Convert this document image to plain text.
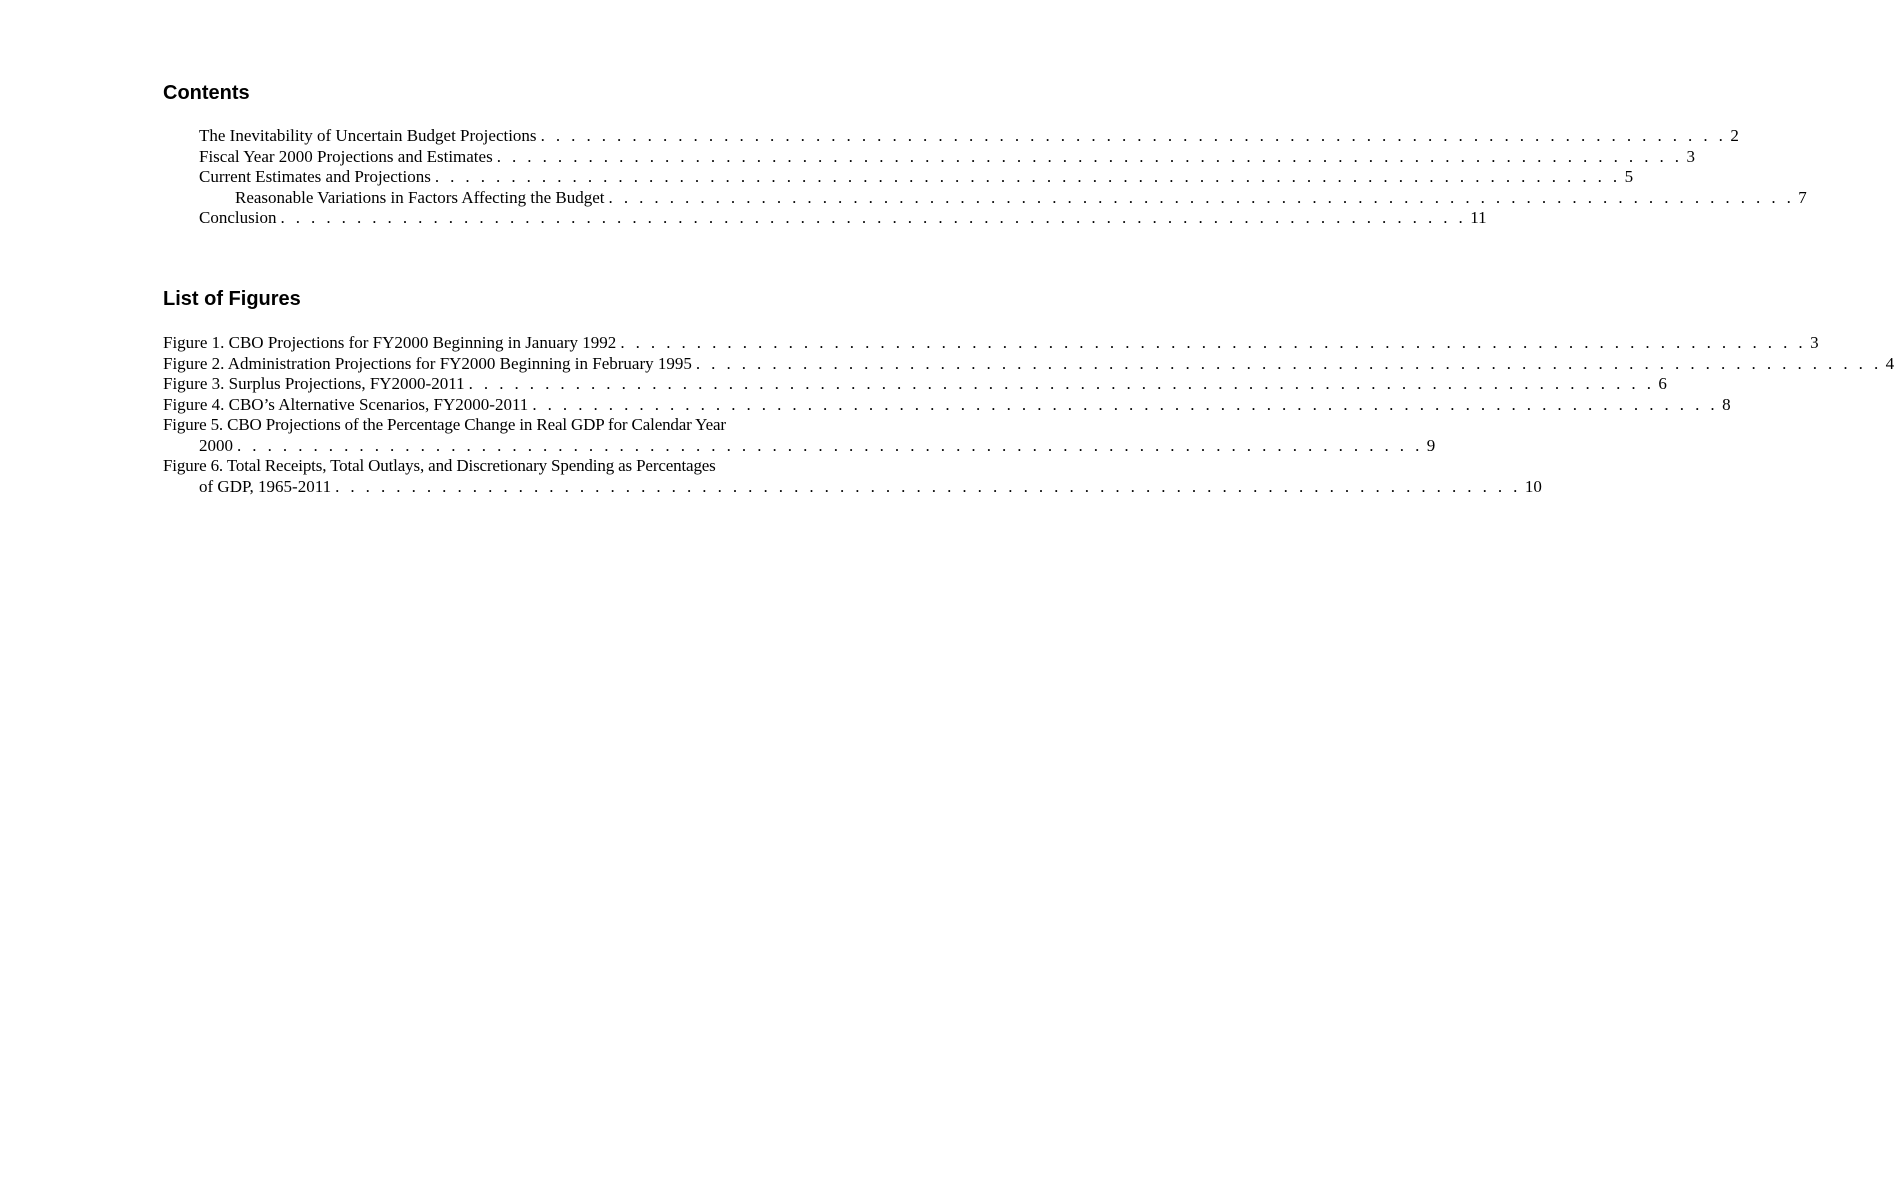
Contents
The Inevitability of Uncertain Budget Projections . . . . . . . . . . . . . . . . . . . . . . . . . . . . . . . . . . . . . . . . . . . . . . . . . . . . . . . . . . . . . . . . . . . . . . . . . . . . . . 2
Fiscal Year 2000 Projections and Estimates . . . . . . . . . . . . . . . . . . . . . . . . . . . . . . . . . . . . . . . . . . . . . . . . . . . . . . . . . . . . . . . . . . . . . . . . . . . . . . 3
Current Estimates and Projections . . . . . . . . . . . . . . . . . . . . . . . . . . . . . . . . . . . . . . . . . . . . . . . . . . . . . . . . . . . . . . . . . . . . . . . . . . . . . . 5
Reasonable Variations in Factors Affecting the Budget . . . . . . . . . . . . . . . . . . . . . . . . . . . . . . . . . . . . . . . . . . . . . . . . . . . . . . . . . . . . . . . . . . . . . . . . . . . . . . 7
Conclusion . . . . . . . . . . . . . . . . . . . . . . . . . . . . . . . . . . . . . . . . . . . . . . . . . . . . . . . . . . . . . . . . . . . . . . . . . . . . . . 11
List of Figures
Figure 1. CBO Projections for FY2000 Beginning in January 1992 . . . . . . . . . . . . . . . . . . . . . . . . . . . . . . . . . . . . . . . . . . . . . . . . . . . . . . . . . . . . . . . . . . . . . . . . . . . . . . 3
Figure 2. Administration Projections for FY2000 Beginning in February 1995 . . . . . . . . . . . . . . . . . . . . . . . . . . . . . . . . . . . . . . . . . . . . . . . . . . . . . . . . . . . . . . . . . . . . . . . . . . . . . . 4
Figure 3. Surplus Projections, FY2000-2011 . . . . . . . . . . . . . . . . . . . . . . . . . . . . . . . . . . . . . . . . . . . . . . . . . . . . . . . . . . . . . . . . . . . . . . . . . . . . . . 6
Figure 4. CBO’s Alternative Scenarios, FY2000-2011 . . . . . . . . . . . . . . . . . . . . . . . . . . . . . . . . . . . . . . . . . . . . . . . . . . . . . . . . . . . . . . . . . . . . . . . . . . . . . . 8
Figure 5. CBO Projections of the Percentage Change in Real GDP for Calendar Year
2000 . . . . . . . . . . . . . . . . . . . . . . . . . . . . . . . . . . . . . . . . . . . . . . . . . . . . . . . . . . . . . . . . . . . . . . . . . . . . . . 9
Figure 6. Total Receipts, Total Outlays, and Discretionary Spending as Percentages
of GDP, 1965-2011 . . . . . . . . . . . . . . . . . . . . . . . . . . . . . . . . . . . . . . . . . . . . . . . . . . . . . . . . . . . . . . . . . . . . . . . . . . . . . . 10
